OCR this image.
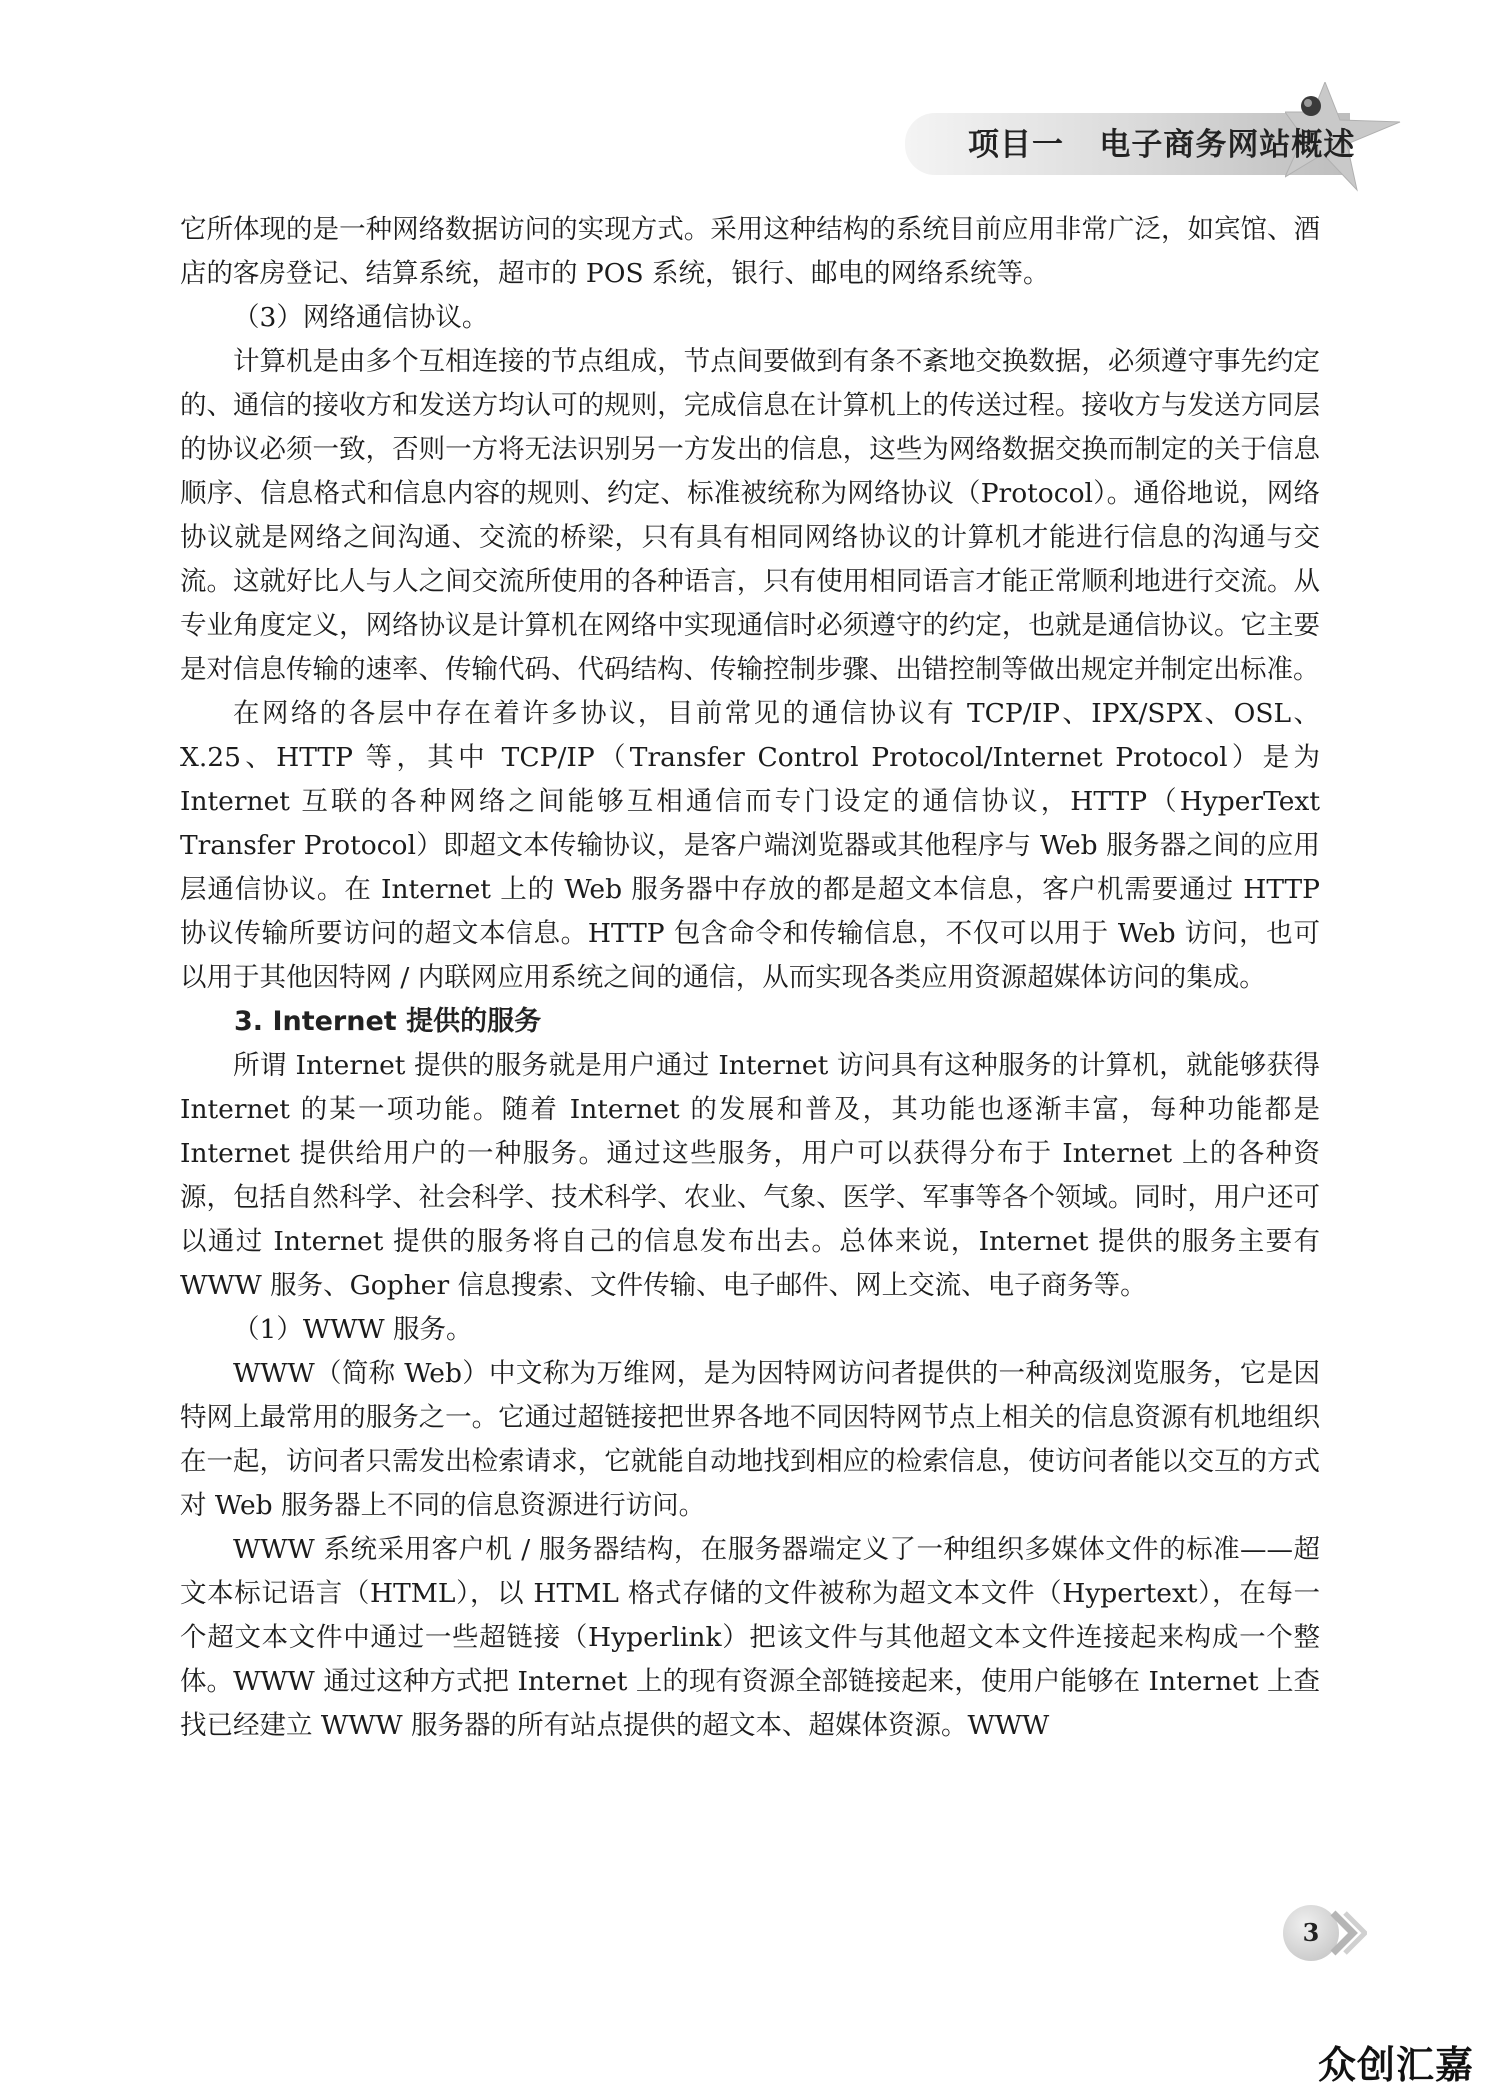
项目一   电子商务网站概述

它所体现的是一种网络数据访问的实现方式。采用这种结构的系统目前应用非常广泛，如宾馆、酒店的客房登记、结算系统，超市的 POS 系统，银行、邮电的网络系统等。

（3）网络通信协议。

计算机是由多个互相连接的节点组成，节点间要做到有条不紊地交换数据，必须遵守事先约定的、通信的接收方和发送方均认可的规则，完成信息在计算机上的传送过程。接收方与发送方同层的协议必须一致，否则一方将无法识别另一方发出的信息，这些为网络数据交换而制定的关于信息顺序、信息格式和信息内容的规则、约定、标准被统称为网络协议（Protocol）。通俗地说，网络协议就是网络之间沟通、交流的桥梁，只有具有相同网络协议的计算机才能进行信息的沟通与交流。这就好比人与人之间交流所使用的各种语言，只有使用相同语言才能正常顺利地进行交流。从专业角度定义，网络协议是计算机在网络中实现通信时必须遵守的约定，也就是通信协议。它主要是对信息传输的速率、传输代码、代码结构、传输控制步骤、出错控制等做出规定并制定出标准。

在网络的各层中存在着许多协议，目前常见的通信协议有 TCP/IP、IPX/SPX、OSL、X.25、HTTP 等，其中 TCP/IP（Transfer Control Protocol/Internet Protocol）是为 Internet 互联的各种网络之间能够互相通信而专门设定的通信协议，HTTP（HyperText Transfer Protocol）即超文本传输协议，是客户端浏览器或其他程序与 Web 服务器之间的应用层通信协议。在 Internet 上的 Web 服务器中存放的都是超文本信息，客户机需要通过 HTTP 协议传输所要访问的超文本信息。HTTP 包含命令和传输信息，不仅可以用于 Web 访问，也可以用于其他因特网 / 内联网应用系统之间的通信，从而实现各类应用资源超媒体访问的集成。

3. Internet 提供的服务

所谓 Internet 提供的服务就是用户通过 Internet 访问具有这种服务的计算机，就能够获得 Internet 的某一项功能。随着 Internet 的发展和普及，其功能也逐渐丰富，每种功能都是 Internet 提供给用户的一种服务。通过这些服务，用户可以获得分布于 Internet 上的各种资源，包括自然科学、社会科学、技术科学、农业、气象、医学、军事等各个领域。同时，用户还可以通过 Internet 提供的服务将自己的信息发布出去。总体来说，Internet 提供的服务主要有 WWW 服务、Gopher 信息搜索、文件传输、电子邮件、网上交流、电子商务等。

（1）WWW 服务。

WWW（简称 Web）中文称为万维网，是为因特网访问者提供的一种高级浏览服务，它是因特网上最常用的服务之一。它通过超链接把世界各地不同因特网节点上相关的信息资源有机地组织在一起，访问者只需发出检索请求，它就能自动地找到相应的检索信息，使访问者能以交互的方式对 Web 服务器上不同的信息资源进行访问。

WWW 系统采用客户机 / 服务器结构，在服务器端定义了一种组织多媒体文件的标准——超文本标记语言（HTML），以 HTML 格式存储的文件被称为超文本文件（Hypertext），在每一个超文本文件中通过一些超链接（Hyperlink）把该文件与其他超文本文件连接起来构成一个整体。WWW 通过这种方式把 Internet 上的现有资源全部链接起来，使用户能够在 Internet 上查找已经建立 WWW 服务器的所有站点提供的超文本、超媒体资源。WWW

3
众创汇嘉
